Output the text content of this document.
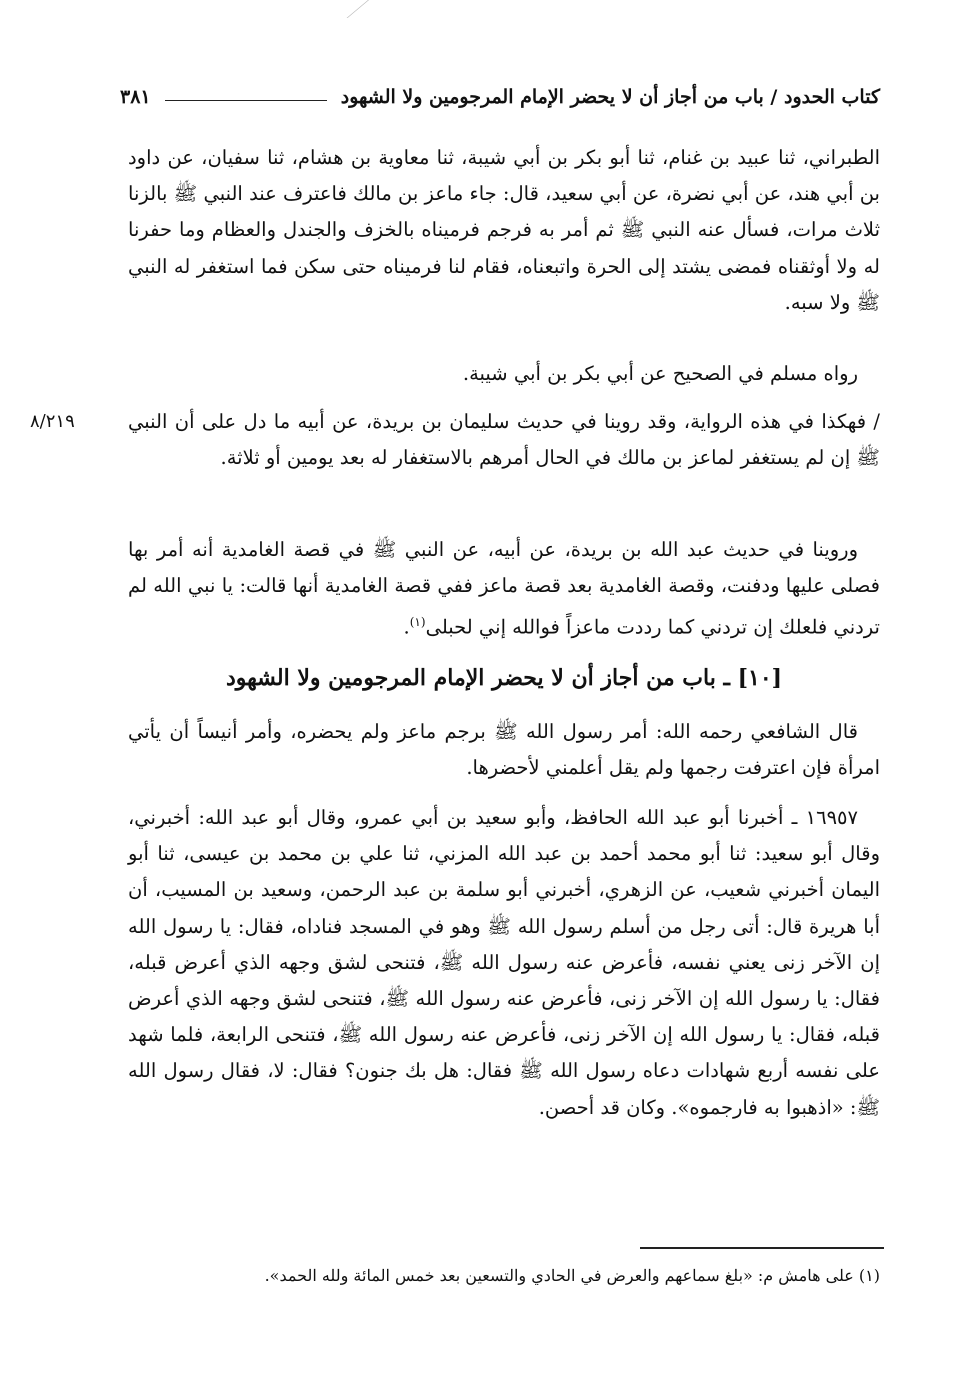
كتاب الحدود / باب من أجاز أن لا يحضر الإمام المرجومين ولا الشهود
٣٨١

الطبراني، ثنا عبيد بن غنام، ثنا أبو بكر بن أبي شيبة، ثنا معاوية بن هشام، ثنا سفيان، عن داود بن أبي هند، عن أبي نضرة، عن أبي سعيد، قال: جاء ماعز بن مالك فاعترف عند النبي ﷺ بالزنا ثلاث مرات، فسأل عنه النبي ﷺ ثم أمر به فرجم فرميناه بالخزف والجندل والعظام وما حفرنا له ولا أوثقناه فمضى يشتد إلى الحرة واتبعناه، فقام لنا فرميناه حتى سكن فما استغفر له النبي ﷺ ولا سبه.

رواه مسلم في الصحيح عن أبي بكر بن أبي شيبة.

٨/٢١٩	/ فهكذا في هذه الرواية، وقد روينا في حديث سليمان بن بريدة، عن أبيه ما دل على أن النبي ﷺ إن لم يستغفر لماعز بن مالك في الحال أمرهم بالاستغفار له بعد يومين أو ثلاثة.

وروينا في حديث عبد الله بن بريدة، عن أبيه، عن النبي ﷺ في قصة الغامدية أنه أمر بها فصلى عليها ودفنت، وقصة الغامدية بعد قصة ماعز ففي قصة الغامدية أنها قالت: يا نبي الله لم تردني فلعلك إن تردني كما رددت ماعزاً فوالله إني لحبلى$^{(١)}$.

[١٠] ـ باب من أجاز أن لا يحضر الإمام المرجومين ولا الشهود

قال الشافعي رحمه الله: أمر رسول الله ﷺ برجم ماعز ولم يحضره، وأمر أنيساً أن يأتي امرأة فإن اعترفت رجمها ولم يقل أعلمني لأحضرها.

١٦٩٥٧ ـ أخبرنا أبو عبد الله الحافظ، وأبو سعيد بن أبي عمرو، وقال أبو عبد الله: أخبرني، وقال أبو سعيد: ثنا أبو محمد أحمد بن عبد الله المزني، ثنا علي بن محمد بن عيسى، ثنا أبو اليمان أخبرني شعيب، عن الزهري، أخبرني أبو سلمة بن عبد الرحمن، وسعيد بن المسيب، أن أبا هريرة قال: أتى رجل من أسلم رسول الله ﷺ وهو في المسجد فناداه، فقال: يا رسول الله إن الآخر زنى يعني نفسه، فأعرض عنه رسول الله ﷺ، فتنحى لشق وجهه الذي أعرض قبله، فقال: يا رسول الله إن الآخر زنى، فأعرض عنه رسول الله ﷺ، فتنحى لشق وجهه الذي أعرض قبله، فقال: يا رسول الله إن الآخر زنى، فأعرض عنه رسول الله ﷺ، فتنحى الرابعة، فلما شهد على نفسه أربع شهادات دعاه رسول الله ﷺ فقال: هل بك جنون؟ فقال: لا، فقال رسول الله ﷺ: «اذهبوا به فارجموه». وكان قد أحصن.

(١) على هامش م: «بلغ سماعهم والعرض في الحادي والتسعين بعد خمس المائة ولله الحمد».
